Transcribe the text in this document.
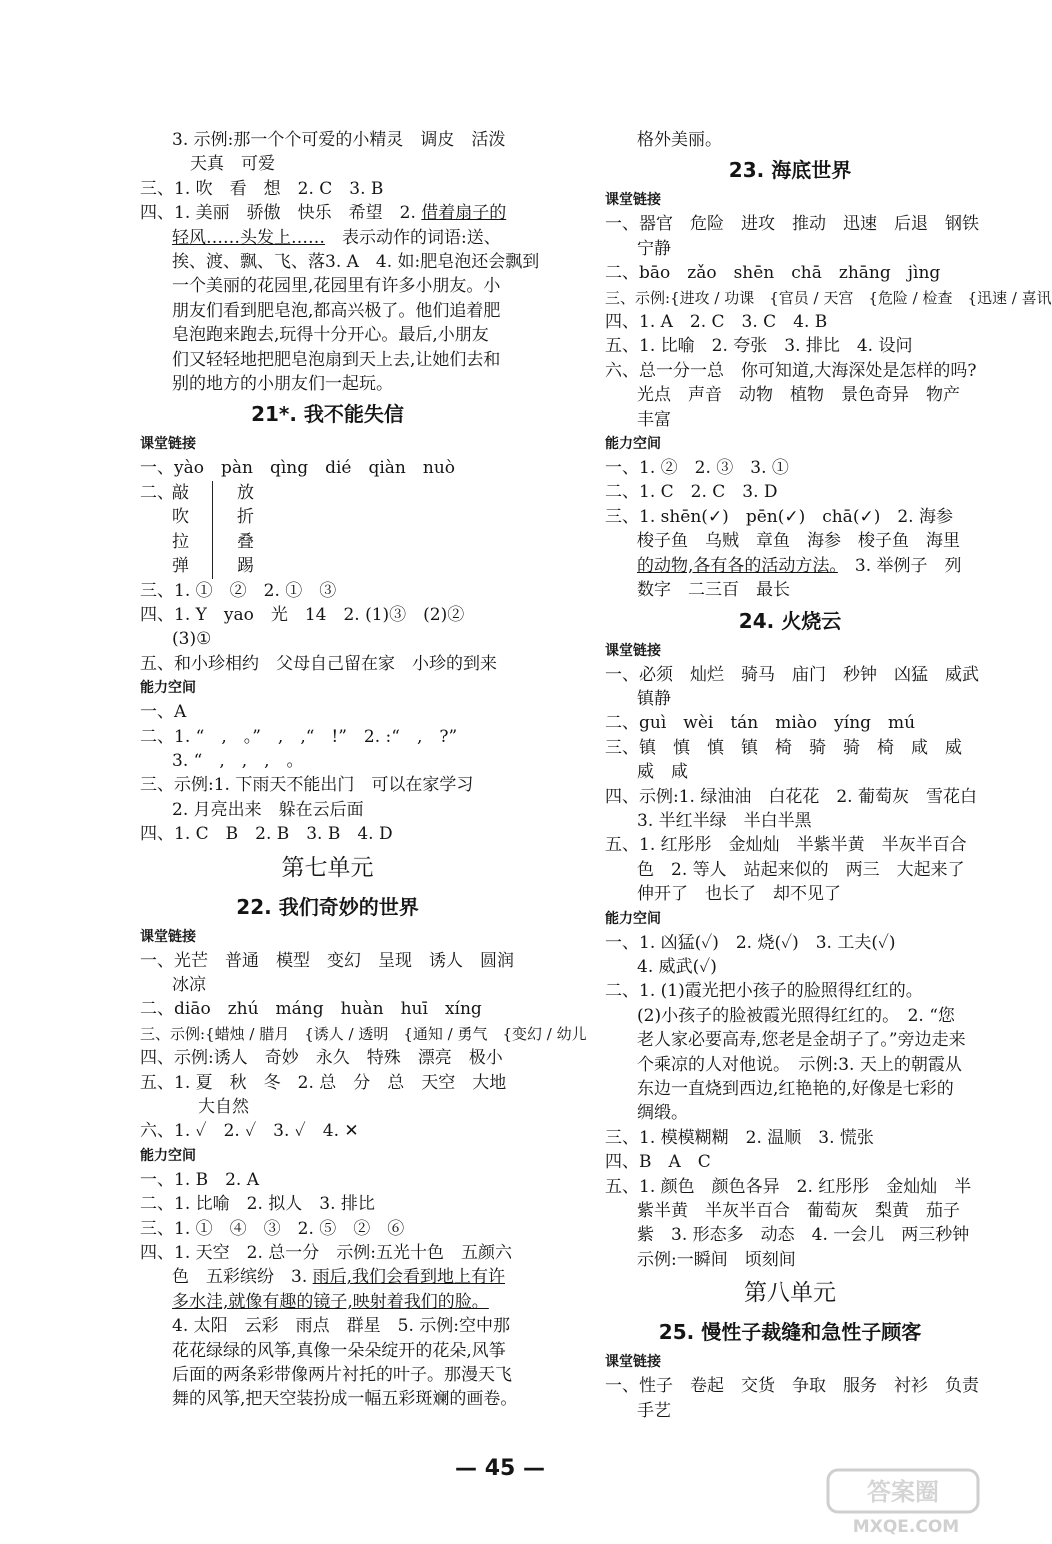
3. 示例:那一个个可爱的小精灵　调皮　活泼

天真　可爱

三、1. 吹　看　想　2. C　3. B

四、1. 美丽　骄傲　快乐　希望　2. 借着扇子的

轻风……头发上……　表示动作的词语:送、

挨、渡、飘、飞、落3. A　4. 如:肥皂泡还会飘到

一个美丽的花园里,花园里有许多小朋友。小

朋友们看到肥皂泡,都高兴极了。他们追着肥

皂泡跑来跑去,玩得十分开心。最后,小朋友

们又轻轻地把肥皂泡扇到天上去,让她们去和

别的地方的小朋友们一起玩。

21*. 我不能失信

课堂链接

一、yào　pàn　qìng　dié　qiàn　nuò

二、

敲

吹

拉

弹

放

折

叠

踢

三、1. ①　②　2. ①　③

四、1. Y　yao　光　14　2. (1)③　(2)②

(3)①

五、和小珍相约　父母自己留在家　小珍的到来

能力空间

一、A

二、1. “　,　。”　,　,“　!”　2. :“　,　?”

3. “　,　,　,　。

三、示例:1. 下雨天不能出门　可以在家学习

2. 月亮出来　躲在云后面

四、1. C　B　2. B　3. B　4. D

第七单元

22. 我们奇妙的世界

课堂链接

一、光芒　普通　模型　变幻　呈现　诱人　圆润

冰凉

二、diāo　zhú　máng　huàn　huī　xíng

三、示例:{蜡烛 / 腊月　{诱人 / 透明　{通知 / 勇气　{变幻 / 幼儿

四、示例:诱人　奇妙　永久　特殊　漂亮　极小

五、1. 夏　秋　冬　2. 总　分　总　天空　大地

大自然

六、1. ✓　2. ✓　3. ✓　4. ✕

能力空间

一、1. B　2. A

二、1. 比喻　2. 拟人　3. 排比

三、1. ①　④　③　2. ⑤　②　⑥

四、1. 天空　2. 总一分　示例:五光十色　五颜六

色　五彩缤纷　3. 雨后,我们会看到地上有许

多水洼,就像有趣的镜子,映射着我们的脸。

4. 太阳　云彩　雨点　群星　5. 示例:空中那

花花绿绿的风筝,真像一朵朵绽开的花朵,风筝

后面的两条彩带像两片衬托的叶子。那漫天飞

舞的风筝,把天空装扮成一幅五彩斑斓的画卷。

格外美丽。

23. 海底世界

课堂链接

一、器官　危险　进攻　推动　迅速　后退　钢铁

宁静

二、bāo　zǎo　shēn　chā　zhāng　jìng

三、示例:{进攻 / 功课　{官员 / 天宫　{危险 / 检查　{迅速 / 喜讯

四、1. A　2. C　3. C　4. B

五、1. 比喻　2. 夸张　3. 排比　4. 设问

六、总一分一总　你可知道,大海深处是怎样的吗?

光点　声音　动物　植物　景色奇异　物产

丰富

能力空间

一、1. ②　2. ③　3. ①

二、1. C　2. C　3. D

三、1. shēn(✓)　pēn(✓)　chā(✓)　2. 海参

梭子鱼　乌贼　章鱼　海参　梭子鱼　海里

的动物,各有各的活动方法。　3. 举例子　列

数字　二三百　最长

24. 火烧云

课堂链接

一、必须　灿烂　骑马　庙门　秒钟　凶猛　威武

镇静

二、guì　wèi　tán　miào　yíng　mú

三、镇　慎　慎　镇　椅　骑　骑　椅　咸　威

威　咸

四、示例:1. 绿油油　白花花　2. 葡萄灰　雪花白

3. 半红半绿　半白半黑

五、1. 红彤彤　金灿灿　半紫半黄　半灰半百合

色　2. 等人　站起来似的　两三　大起来了

伸开了　也长了　却不见了

能力空间

一、1. 凶猛(✓)　2. 烧(✓)　3. 工夫(✓)

4. 威武(✓)

二、1. (1)霞光把小孩子的脸照得红红的。

(2)小孩子的脸被霞光照得红红的。　2. “您

老人家必要高寿,您老是金胡子了。”旁边走来

个乘凉的人对他说。　示例:3. 天上的朝霞从

东边一直烧到西边,红艳艳的,好像是七彩的

绸缎。

三、1. 模模糊糊　2. 温顺　3. 慌张

四、B　A　C

五、1. 颜色　颜色各异　2. 红彤彤　金灿灿　半

紫半黄　半灰半百合　葡萄灰　梨黄　茄子

紫　3. 形态多　动态　4. 一会儿　两三秒钟

示例:一瞬间　顷刻间

第八单元

25. 慢性子裁缝和急性子顾客

课堂链接

一、性子　卷起　交货　争取　服务　衬衫　负责

手艺

— 45 —
答案圈
MXQE.COM
